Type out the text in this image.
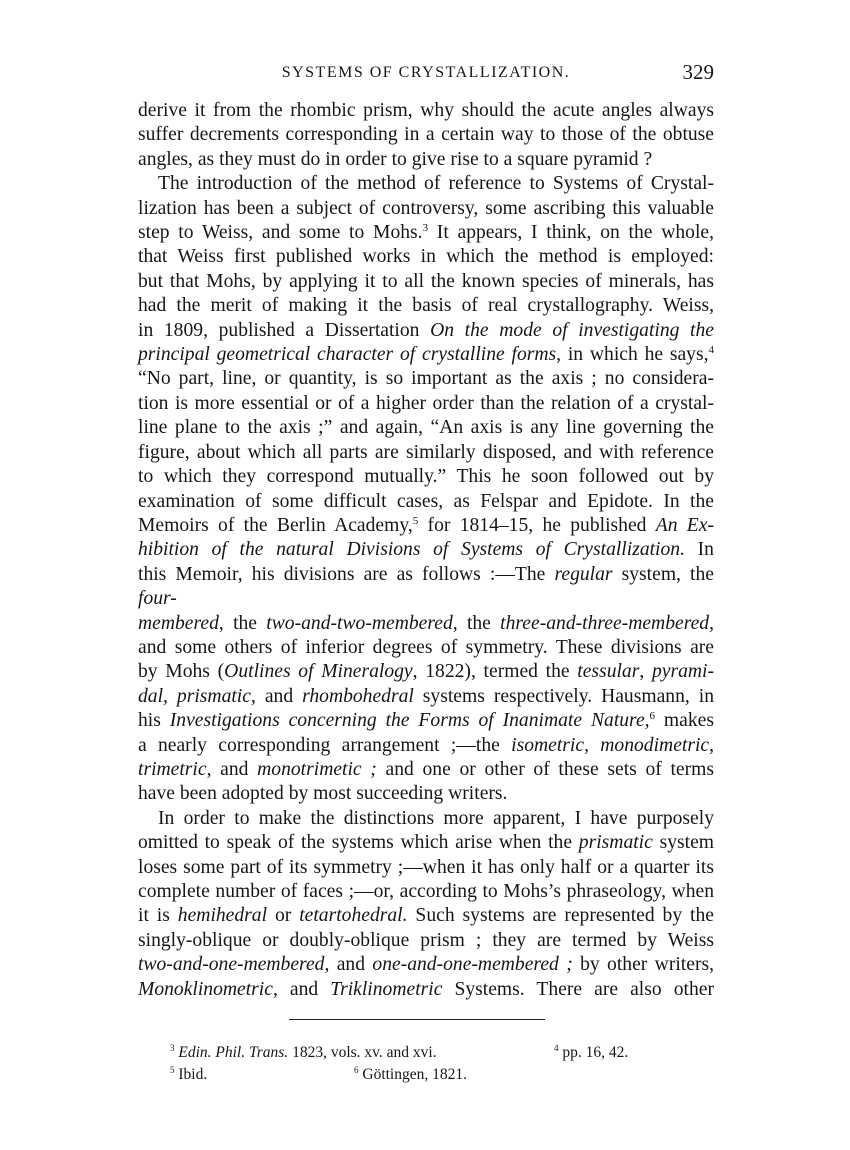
SYSTEMS OF CRYSTALLIZATION.	329
derive it from the rhombic prism, why should the acute angles always
suffer decrements corresponding in a certain way to those of the obtuse
angles, as they must do in order to give rise to a square pyramid ?
The introduction of the method of reference to Systems of Crystal-
lization has been a subject of controversy, some ascribing this valuable
step to Weiss, and some to Mohs.$^3$ It appears, I think, on the whole,
that Weiss first published works in which the method is employed:
but that Mohs, by applying it to all the known species of minerals, has
had the merit of making it the basis of real crystallography. Weiss,
in 1809, published a Dissertation On the mode of investigating the
principal geometrical character of crystalline forms, in which he says,$^4$
“No part, line, or quantity, is so important as the axis ; no considera-
tion is more essential or of a higher order than the relation of a crystal-
line plane to the axis ;” and again, “An axis is any line governing the
figure, about which all parts are similarly disposed, and with reference
to which they correspond mutually.” This he soon followed out by
examination of some difficult cases, as Felspar and Epidote. In the
Memoirs of the Berlin Academy,$^5$ for 1814–15, he published An Ex-
hibition of the natural Divisions of Systems of Crystallization. In
this Memoir, his divisions are as follows :—The regular system, the four-
membered, the two-and-two-membered, the three-and-three-membered,
and some others of inferior degrees of symmetry. These divisions are
by Mohs (Outlines of Mineralogy, 1822), termed the tessular, pyrami-
dal, prismatic, and rhombohedral systems respectively. Hausmann, in
his Investigations concerning the Forms of Inanimate Nature,$^6$ makes
a nearly corresponding arrangement ;—the isometric, monodimetric,
trimetric, and monotrimetic ; and one or other of these sets of terms
have been adopted by most succeeding writers.
In order to make the distinctions more apparent, I have purposely
omitted to speak of the systems which arise when the prismatic system
loses some part of its symmetry ;—when it has only half or a quarter its
complete number of faces ;—or, according to Mohs’s phraseology, when
it is hemihedral or tetartohedral. Such systems are represented by the
singly-oblique or doubly-oblique prism ; they are termed by Weiss
two-and-one-membered, and one-and-one-membered ; by other writers,
Monoklinometric, and Triklinometric Systems. There are also other
$^3$ Edin. Phil. Trans. 1823, vols. xv. and xvi.	$^4$ pp. 16, 42.
$^5$ Ibid.	$^6$ Göttingen, 1821.
